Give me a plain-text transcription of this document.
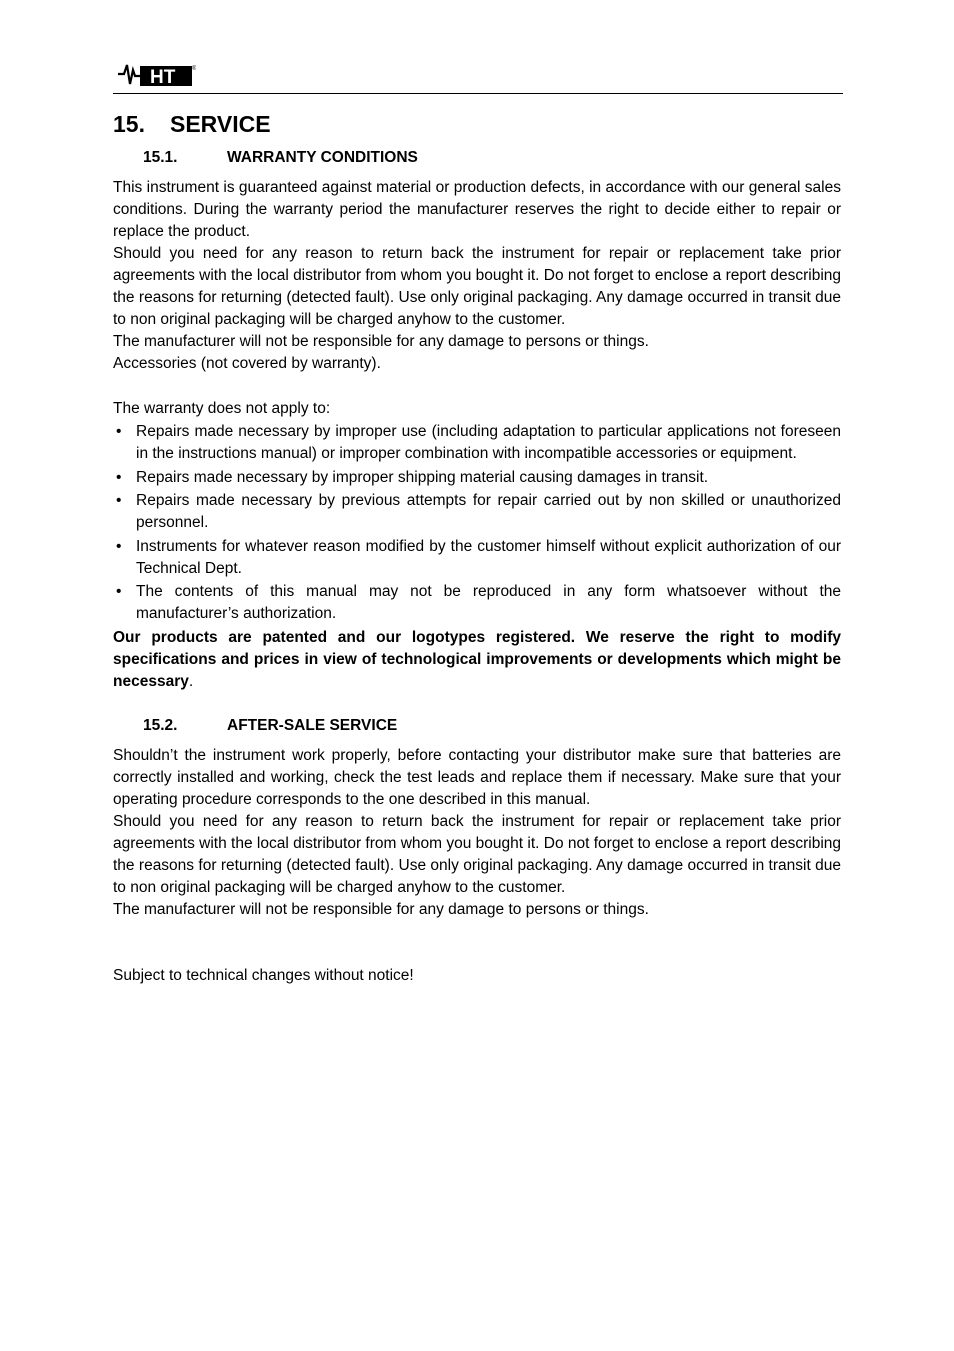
HT	®
15.	SERVICE
15.1.	WARRANTY CONDITIONS

This instrument is guaranteed against material or production defects, in accordance with our general sales conditions. During the warranty period the manufacturer reserves the right to decide either to repair or replace the product.

Should you need for any reason to return back the instrument for repair or replacement take prior agreements with the local distributor from whom you bought it. Do not forget to enclose a report describing the reasons for returning (detected fault). Use only original packaging. Any damage occurred in transit due to non original packaging will be charged anyhow to the customer.

The manufacturer will not be responsible for any damage to persons or things.

Accessories (not covered by warranty).

The warranty does not apply to:

• Repairs made necessary by improper use (including adaptation to particular applications not foreseen in the instructions manual) or improper combination with incompatible accessories or equipment.
• Repairs made necessary by improper shipping material causing damages in transit.
• Repairs made necessary by previous attempts for repair carried out by non skilled or unauthorized personnel.
• Instruments for whatever reason modified by the customer himself without explicit authorization of our Technical Dept.
• The contents of this manual may not be reproduced in any form whatsoever without the manufacturer’s authorization.

Our products are patented and our logotypes registered. We reserve the right to modify specifications and prices in view of technological improvements or developments which might be necessary.

15.2.	AFTER-SALE SERVICE

Shouldn’t the instrument work properly, before contacting your distributor make sure that batteries are correctly installed and working, check the test leads and replace them if necessary. Make sure that your operating procedure corresponds to the one described in this manual.

Should you need for any reason to return back the instrument for repair or replacement take prior agreements with the local distributor from whom you bought it. Do not forget to enclose a report describing the reasons for returning (detected fault). Use only original packaging. Any damage occurred in transit due to non original packaging will be charged anyhow to the customer.

The manufacturer will not be responsible for any damage to persons or things.

Subject to technical changes without notice!
